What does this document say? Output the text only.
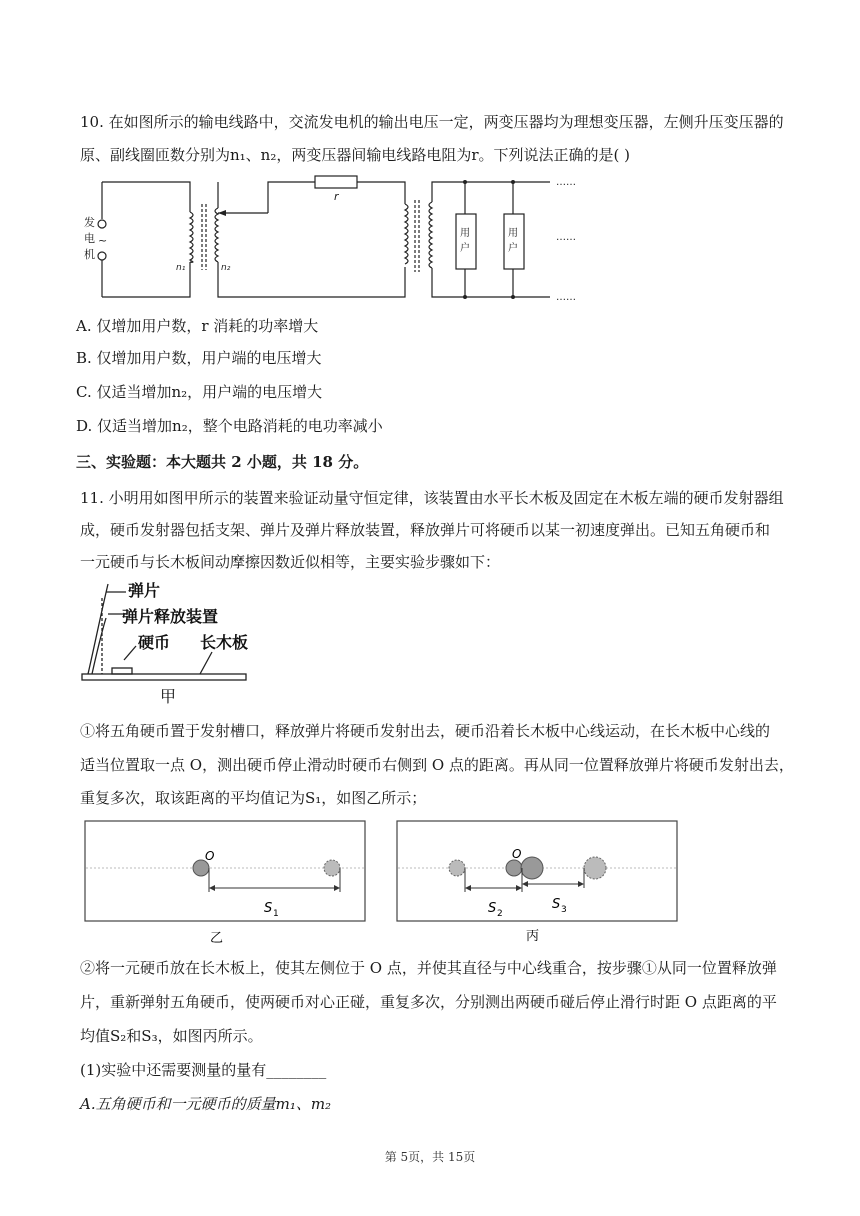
10. 在如图所示的输电线路中，交流发电机的输出电压一定，两变压器均为理想变压器，左侧升压变压器的
原、副线圈匝数分别为n₁、n₂，两变压器间输电线路电阻为r。下列说法正确的是( )
发
电
机
~
n₁	n₂
r
用
户
用
户
……
……
……
A. 仅增加用户数，r 消耗的功率增大
B. 仅增加用户数，用户端的电压增大
C. 仅适当增加n₂，用户端的电压增大
D. 仅适当增加n₂，整个电路消耗的电功率减小
三、实验题：本大题共 2 小题，共 18 分。
11. 小明用如图甲所示的装置来验证动量守恒定律，该装置由水平长木板及固定在木板左端的硬币发射器组
成，硬币发射器包括支架、弹片及弹片释放装置，释放弹片可将硬币以某一初速度弹出。已知五角硬币和
一元硬币与长木板间动摩擦因数近似相等，主要实验步骤如下：
弹片
弹片释放装置
硬币 长木板
甲
①将五角硬币置于发射槽口，释放弹片将硬币发射出去，硬币沿着长木板中心线运动，在长木板中心线的
适当位置取一点 O，测出硬币停止滑动时硬币右侧到 O 点的距离。再从同一位置释放弹片将硬币发射出去，
重复多次，取该距离的平均值记为S₁，如图乙所示；
O
S 1
乙
O
S 2
S 3
丙
②将一元硬币放在长木板上，使其左侧位于 O 点，并使其直径与中心线重合，按步骤①从同一位置释放弹
片，重新弹射五角硬币，使两硬币对心正碰，重复多次，分别测出两硬币碰后停止滑行时距 O 点距离的平
均值S₂和S₃，如图丙所示。
(1)实验中还需要测量的量有________
A.五角硬币和一元硬币的质量m₁、m₂
第 5页，共 15页
